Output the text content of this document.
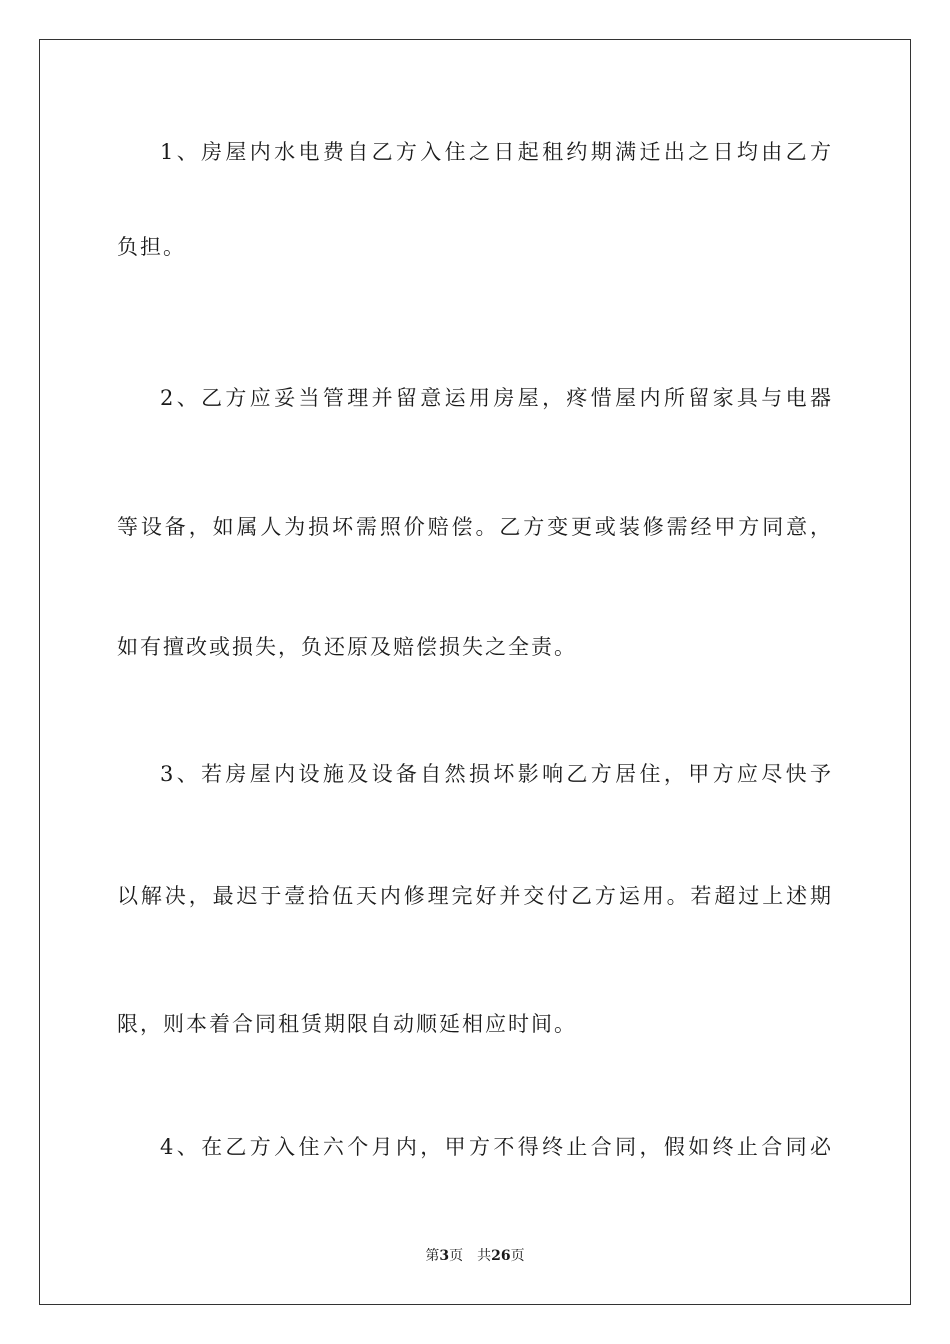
1、房屋内水电费自乙方入住之日起租约期满迁出之日均由乙方
负担。
2、乙方应妥当管理并留意运用房屋，疼惜屋内所留家具与电器
等设备，如属人为损坏需照价赔偿。乙方变更或装修需经甲方同意，
如有擅改或损失，负还原及赔偿损失之全责。
3、若房屋内设施及设备自然损坏影响乙方居住，甲方应尽快予
以解决，最迟于壹拾伍天内修理完好并交付乙方运用。若超过上述期
限，则本着合同租赁期限自动顺延相应时间。
4、在乙方入住六个月内，甲方不得终止合同，假如终止合同必
第3页 共26页
